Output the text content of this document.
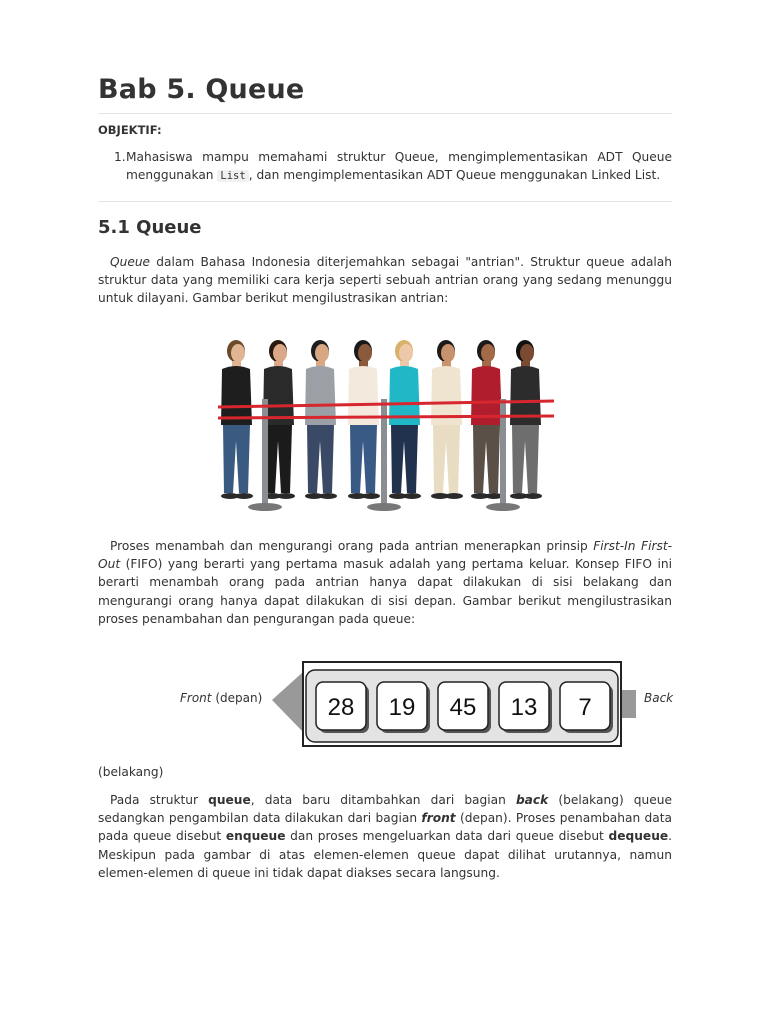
Bab 5. Queue
OBJEKTIF:
1. Mahasiswa mampu memahami struktur Queue, mengimplementasikan ADT Queue menggunakan List , dan mengimplementasikan ADT Queue menggunakan Linked List.
5.1 Queue

Queue dalam Bahasa Indonesia diterjemahkan sebagai "antrian". Struktur queue adalah struktur data yang memiliki cara kerja seperti sebuah antrian orang yang sedang menunggu untuk dilayani. Gambar berikut mengilustrasikan antrian:

Proses menambah dan mengurangi orang pada antrian menerapkan prinsip First-In First-Out (FIFO) yang berarti yang pertama masuk adalah yang pertama keluar. Konsep FIFO ini berarti menambah orang pada antrian hanya dapat dilakukan di sisi belakang dan mengurangi orang hanya dapat dilakukan di sisi depan. Gambar berikut mengilustrasikan proses penambahan dan pengurangan pada queue:

Front (depan)	28 19 45 13 7	Back
(belakang)

Pada struktur queue, data baru ditambahkan dari bagian back (belakang) queue sedangkan pengambilan data dilakukan dari bagian front (depan). Proses penambahan data pada queue disebut enqueue dan proses mengeluarkan data dari queue disebut dequeue. Meskipun pada gambar di atas elemen-elemen queue dapat dilihat urutannya, namun elemen-elemen di queue ini tidak dapat diakses secara langsung.
